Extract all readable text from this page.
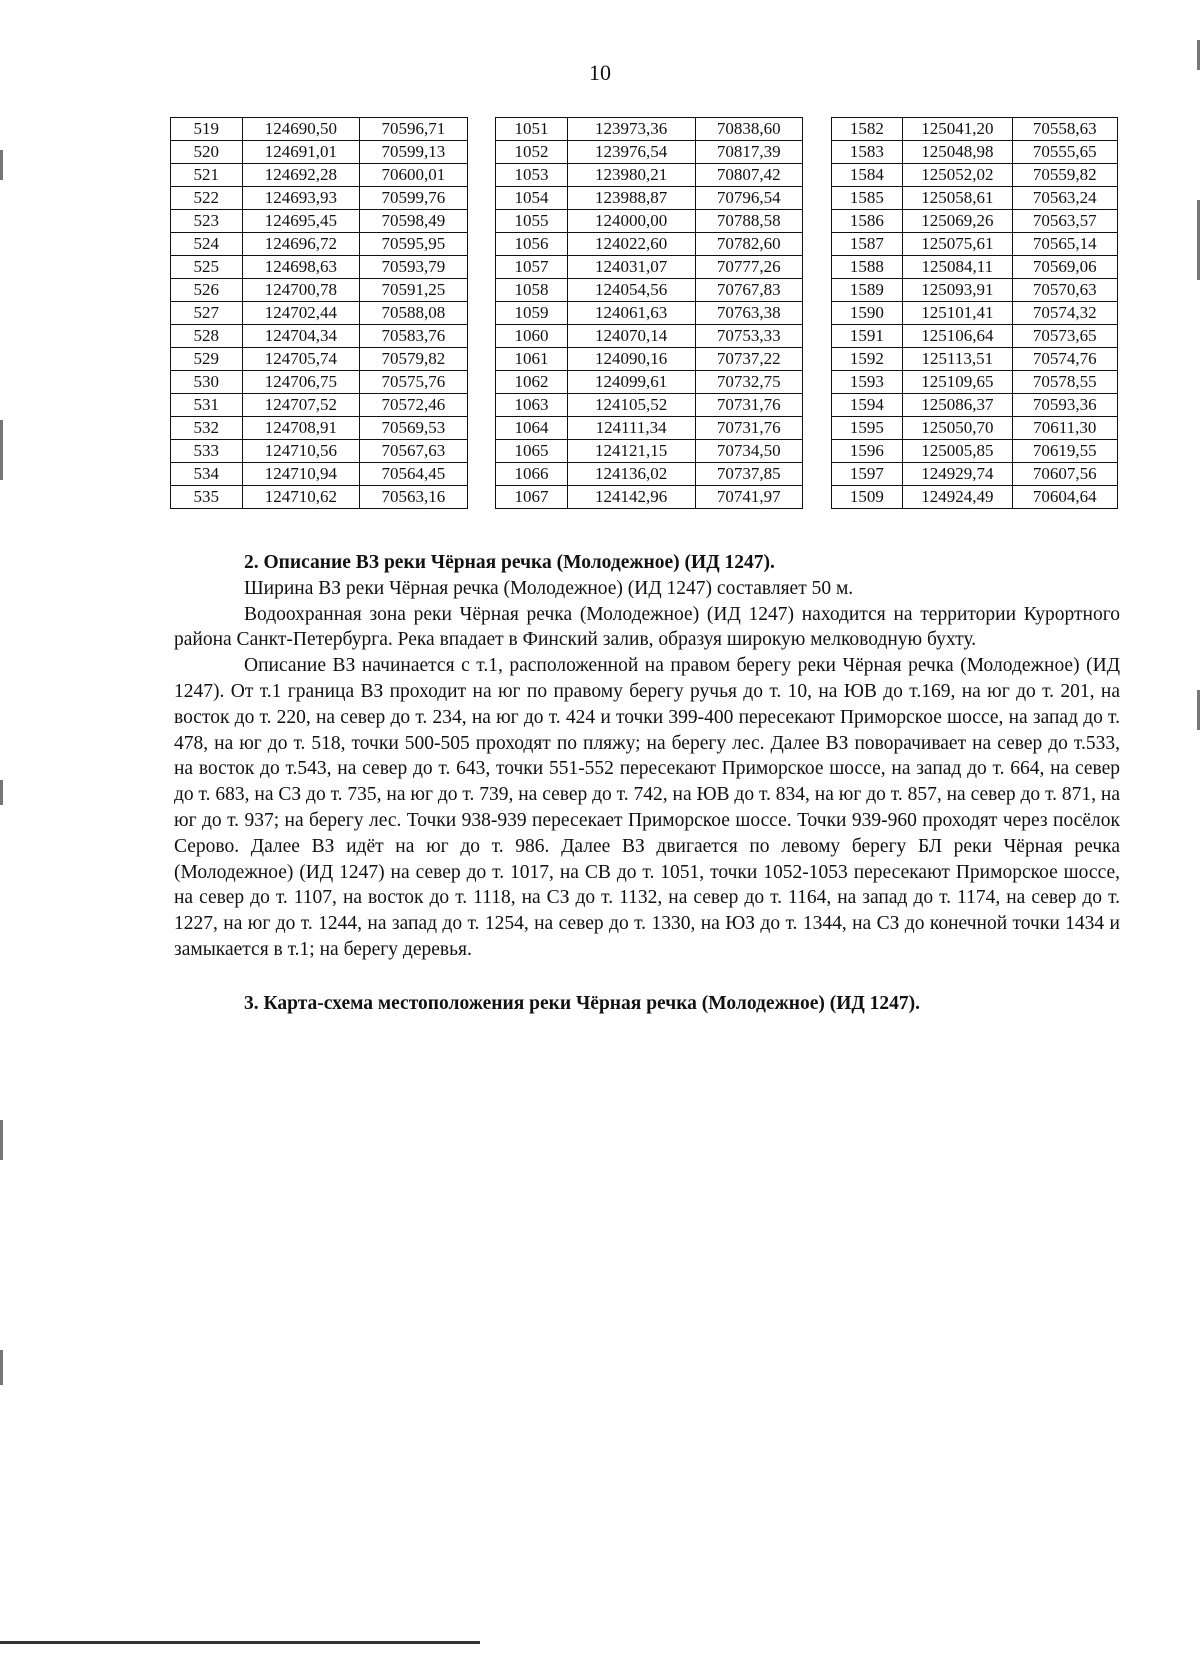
10
519	124690,50	70596,71		1051	123973,36	70838,60		1582	125041,20	70558,63
520	124691,01	70599,13		1052	123976,54	70817,39		1583	125048,98	70555,65
521	124692,28	70600,01		1053	123980,21	70807,42		1584	125052,02	70559,82
522	124693,93	70599,76		1054	123988,87	70796,54		1585	125058,61	70563,24
523	124695,45	70598,49		1055	124000,00	70788,58		1586	125069,26	70563,57
524	124696,72	70595,95		1056	124022,60	70782,60		1587	125075,61	70565,14
525	124698,63	70593,79		1057	124031,07	70777,26		1588	125084,11	70569,06
526	124700,78	70591,25		1058	124054,56	70767,83		1589	125093,91	70570,63
527	124702,44	70588,08		1059	124061,63	70763,38		1590	125101,41	70574,32
528	124704,34	70583,76		1060	124070,14	70753,33		1591	125106,64	70573,65
529	124705,74	70579,82		1061	124090,16	70737,22		1592	125113,51	70574,76
530	124706,75	70575,76		1062	124099,61	70732,75		1593	125109,65	70578,55
531	124707,52	70572,46		1063	124105,52	70731,76		1594	125086,37	70593,36
532	124708,91	70569,53		1064	124111,34	70731,76		1595	125050,70	70611,30
533	124710,56	70567,63		1065	124121,15	70734,50		1596	125005,85	70619,55
534	124710,94	70564,45		1066	124136,02	70737,85		1597	124929,74	70607,56
535	124710,62	70563,16		1067	124142,96	70741,97		1509	124924,49	70604,64
2. Описание ВЗ реки Чёрная речка (Молодежное) (ИД 1247).

Ширина ВЗ реки Чёрная речка (Молодежное) (ИД 1247) составляет 50 м.

Водоохранная зона реки Чёрная речка (Молодежное) (ИД 1247) находится на территории Курортного района Санкт-Петербурга. Река впадает в Финский залив, образуя широкую мелководную бухту.

Описание ВЗ начинается с т.1, расположенной на правом берегу реки Чёрная речка (Молодежное) (ИД 1247). От т.1 граница ВЗ проходит на юг по правому берегу ручья до т. 10, на ЮВ до т.169, на юг до т. 201, на восток до т. 220, на север до т. 234, на юг до т. 424 и точки 399-400 пересекают Приморское шоссе, на запад до т. 478, на юг до т. 518, точки 500-505 проходят по пляжу; на берегу лес. Далее ВЗ поворачивает на север до т.533, на восток до т.543, на север до т. 643, точки 551-552 пересекают Приморское шоссе, на запад до т. 664, на север до т. 683, на СЗ до т. 735, на юг до т. 739, на север до т. 742, на ЮВ до т. 834, на юг до т. 857, на север до т. 871, на юг до т. 937; на берегу лес. Точки 938-939 пересекает Приморское шоссе. Точки 939-960 проходят через посёлок Серово. Далее ВЗ идёт на юг до т. 986. Далее ВЗ двигается по левому берегу БЛ реки Чёрная речка (Молодежное) (ИД 1247) на север до т. 1017, на СВ до т. 1051, точки 1052-1053 пересекают Приморское шоссе, на север до т. 1107, на восток до т. 1118, на СЗ до т. 1132, на север до т. 1164, на запад до т. 1174, на север до т. 1227, на юг до т. 1244, на запад до т. 1254, на север до т. 1330, на ЮЗ до т. 1344, на СЗ до конечной точки 1434 и замыкается в т.1; на берегу деревья.

3. Карта-схема местоположения реки Чёрная речка (Молодежное) (ИД 1247).
